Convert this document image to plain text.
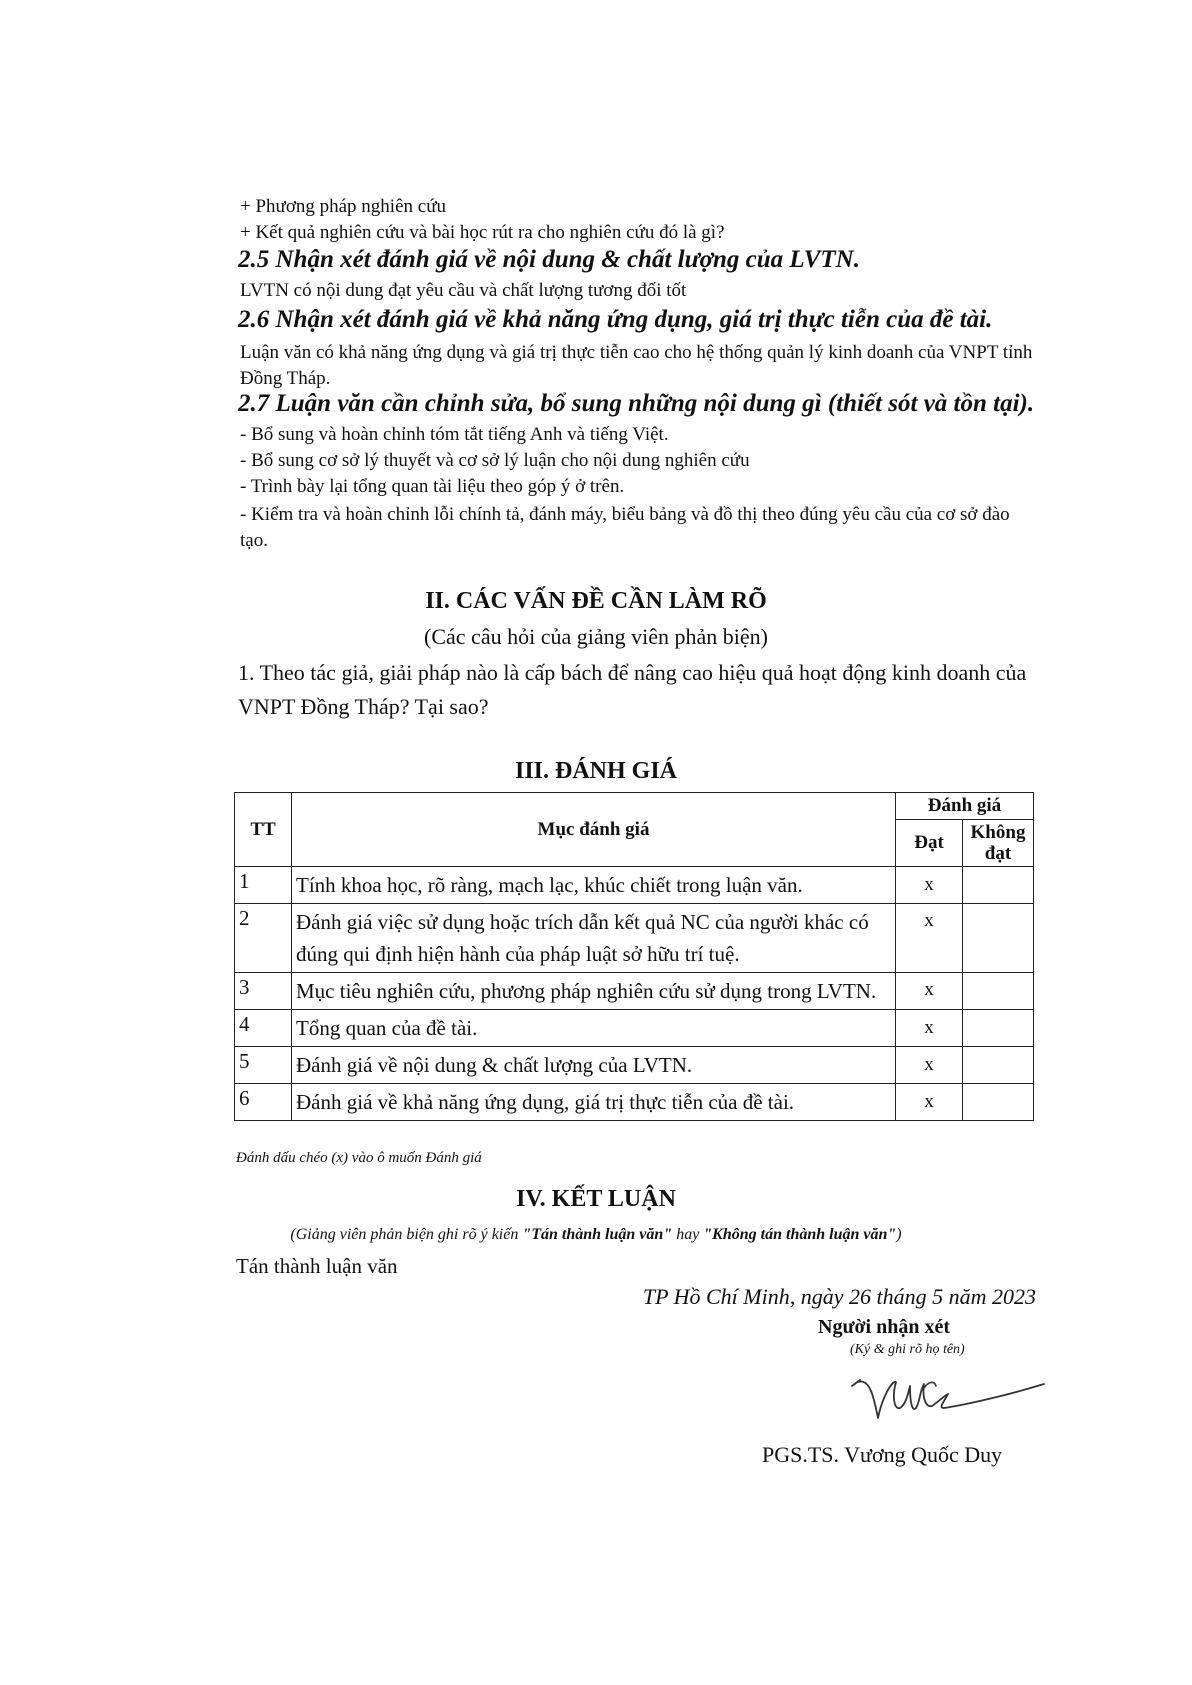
+ Phương pháp nghiên cứu
+ Kết quả nghiên cứu và bài học rút ra cho nghiên cứu đó là gì?
2.5 Nhận xét đánh giá về nội dung & chất lượng của LVTN.
LVTN có nội dung đạt yêu cầu và chất lượng tương đối tốt
2.6 Nhận xét đánh giá về khả năng ứng dụng, giá trị thực tiễn của đề tài.
Luận văn có khả năng ứng dụng và giá trị thực tiễn cao cho hệ thống quản lý kinh doanh của VNPT tỉnh Đồng Tháp.
2.7 Luận văn cần chỉnh sửa, bổ sung những nội dung gì (thiết sót và tồn tại).
- Bổ sung và hoàn chỉnh tóm tắt tiếng Anh và tiếng Việt.
- Bổ sung cơ sở lý thuyết và cơ sở lý luận cho nội dung nghiên cứu
- Trình bày lại tổng quan tài liệu theo góp ý ở trên.
- Kiểm tra và hoàn chỉnh lỗi chính tả, đánh máy, biểu bảng và đồ thị theo đúng yêu cầu của cơ sở đào tạo.
II. CÁC VẤN ĐỀ CẦN LÀM RÕ
(Các câu hỏi của giảng viên phản biện)
1. Theo tác giả, giải pháp nào là cấp bách để nâng cao hiệu quả hoạt động kinh doanh của VNPT Đồng Tháp? Tại sao?
III. ĐÁNH GIÁ
TT	Mục đánh giá	Đánh giá	
		Đạt	Không đạt
1	Tính khoa học, rõ ràng, mạch lạc, khúc chiết trong luận văn.	x	
2	Đánh giá việc sử dụng hoặc trích dẫn kết quả NC của người khác có đúng qui định hiện hành của pháp luật sở hữu trí tuệ.	x	
3	Mục tiêu nghiên cứu, phương pháp nghiên cứu sử dụng trong LVTN.	x	
4	Tổng quan của đề tài.	x	
5	Đánh giá về nội dung & chất lượng của LVTN.	x	
6	Đánh giá về khả năng ứng dụng, giá trị thực tiễn của đề tài.	x	
Đánh dấu chéo (x) vào ô muốn Đánh giá
IV. KẾT LUẬN
(Giảng viên phản biện ghi rõ ý kiến "Tán thành luận văn" hay "Không tán thành luận văn")
Tán thành luận văn
TP Hồ Chí Minh, ngày 26 tháng 5 năm 2023
Người nhận xét
(Ký & ghi rõ họ tên)
PGS.TS. Vương Quốc Duy
